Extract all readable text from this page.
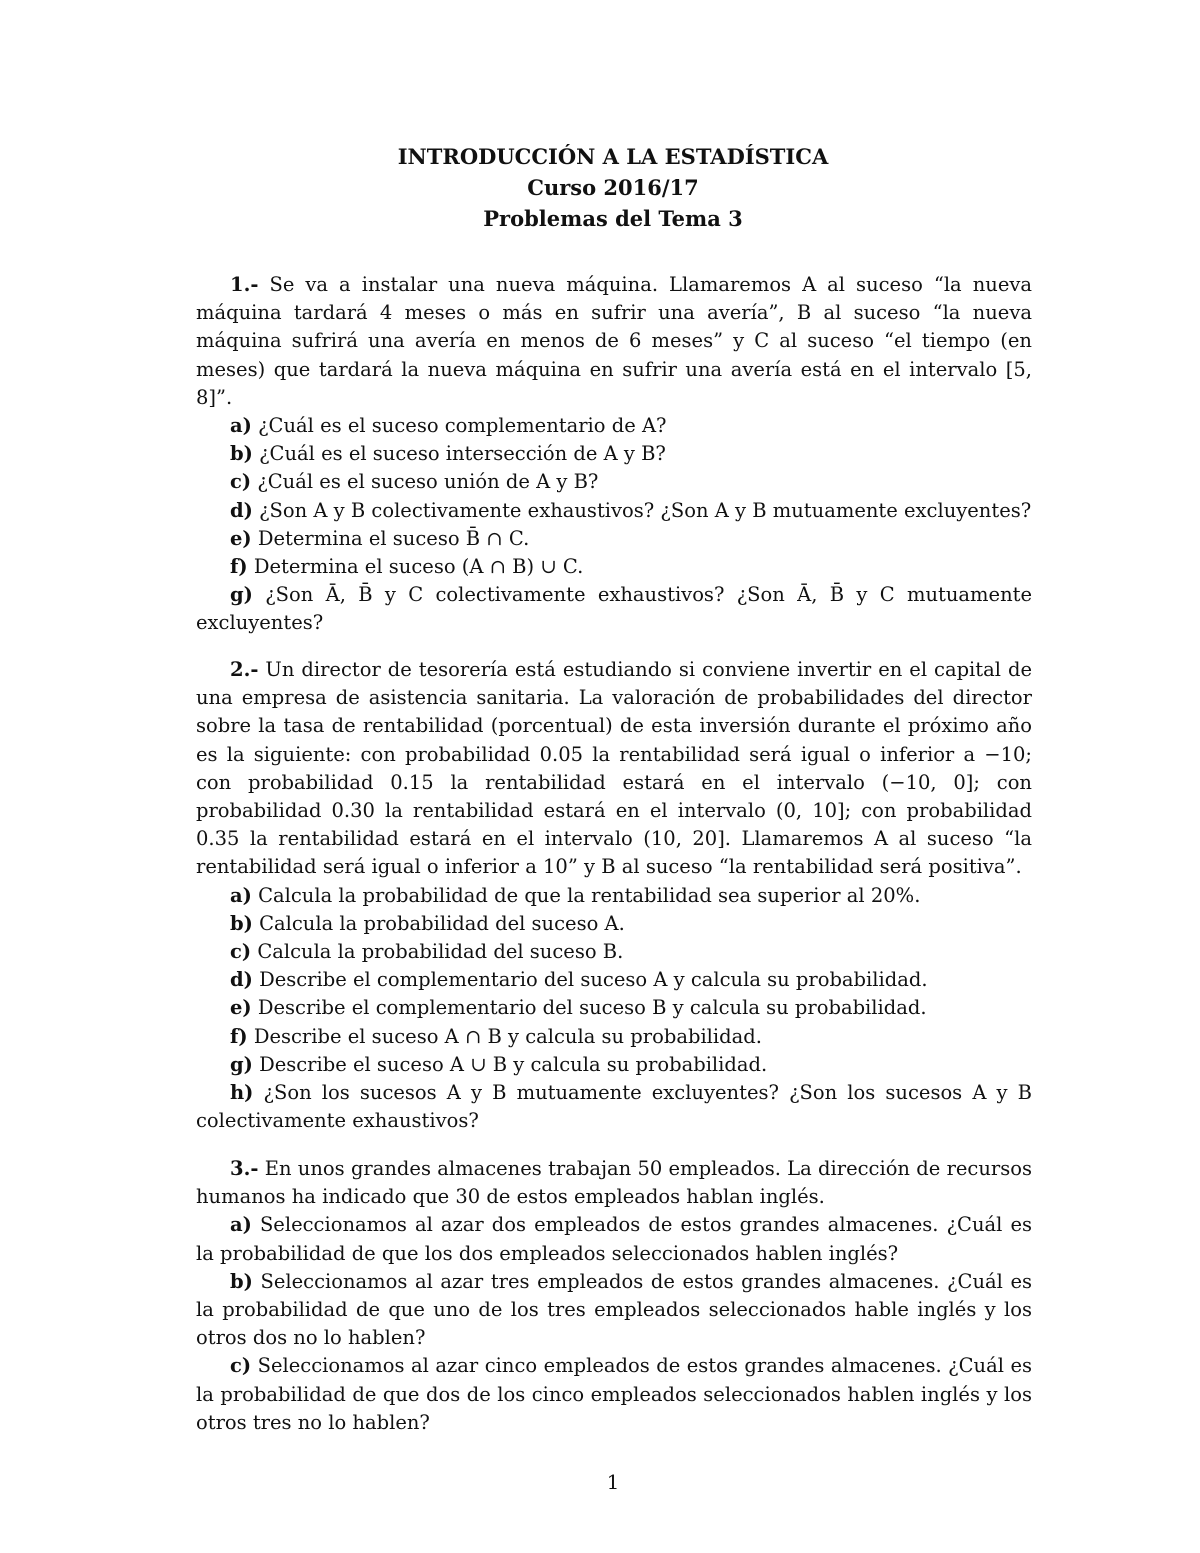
INTRODUCCIÓN A LA ESTADÍSTICA
Curso 2016/17
Problemas del Tema 3

1.- Se va a instalar una nueva máquina. Llamaremos A al suceso “la nueva máquina tardará 4 meses o más en sufrir una avería”, B al suceso “la nueva máquina sufrirá una avería en menos de 6 meses” y C al suceso “el tiempo (en meses) que tardará la nueva máquina en sufrir una avería está en el intervalo [5, 8]”.

a) ¿Cuál es el suceso complementario de A?

b) ¿Cuál es el suceso intersección de A y B?

c) ¿Cuál es el suceso unión de A y B?

d) ¿Son A y B colectivamente exhaustivos? ¿Son A y B mutuamente excluyentes?

e) Determina el suceso B̄ ∩ C.

f) Determina el suceso (A ∩ B) ∪ C.

g) ¿Son Ā, B̄ y C colectivamente exhaustivos? ¿Son Ā, B̄ y C mutuamente excluyentes?

2.- Un director de tesorería está estudiando si conviene invertir en el capital de una empresa de asistencia sanitaria. La valoración de probabilidades del director sobre la tasa de rentabilidad (porcentual) de esta inversión durante el próximo año es la siguiente: con probabilidad 0.05 la rentabilidad será igual o inferior a −10; con probabilidad 0.15 la rentabilidad estará en el intervalo (−10, 0]; con probabilidad 0.30 la rentabilidad estará en el intervalo (0, 10]; con probabilidad 0.35 la rentabilidad estará en el intervalo (10, 20]. Llamaremos A al suceso “la rentabilidad será igual o inferior a 10” y B al suceso “la rentabilidad será positiva”.

a) Calcula la probabilidad de que la rentabilidad sea superior al 20%.

b) Calcula la probabilidad del suceso A.

c) Calcula la probabilidad del suceso B.

d) Describe el complementario del suceso A y calcula su probabilidad.

e) Describe el complementario del suceso B y calcula su probabilidad.

f) Describe el suceso A ∩ B y calcula su probabilidad.

g) Describe el suceso A ∪ B y calcula su probabilidad.

h) ¿Son los sucesos A y B mutuamente excluyentes? ¿Son los sucesos A y B colectivamente exhaustivos?

3.- En unos grandes almacenes trabajan 50 empleados. La dirección de recursos humanos ha indicado que 30 de estos empleados hablan inglés.

a) Seleccionamos al azar dos empleados de estos grandes almacenes. ¿Cuál es la probabilidad de que los dos empleados seleccionados hablen inglés?

b) Seleccionamos al azar tres empleados de estos grandes almacenes. ¿Cuál es la probabilidad de que uno de los tres empleados seleccionados hable inglés y los otros dos no lo hablen?

c) Seleccionamos al azar cinco empleados de estos grandes almacenes. ¿Cuál es la probabilidad de que dos de los cinco empleados seleccionados hablen inglés y los otros tres no lo hablen?

1
